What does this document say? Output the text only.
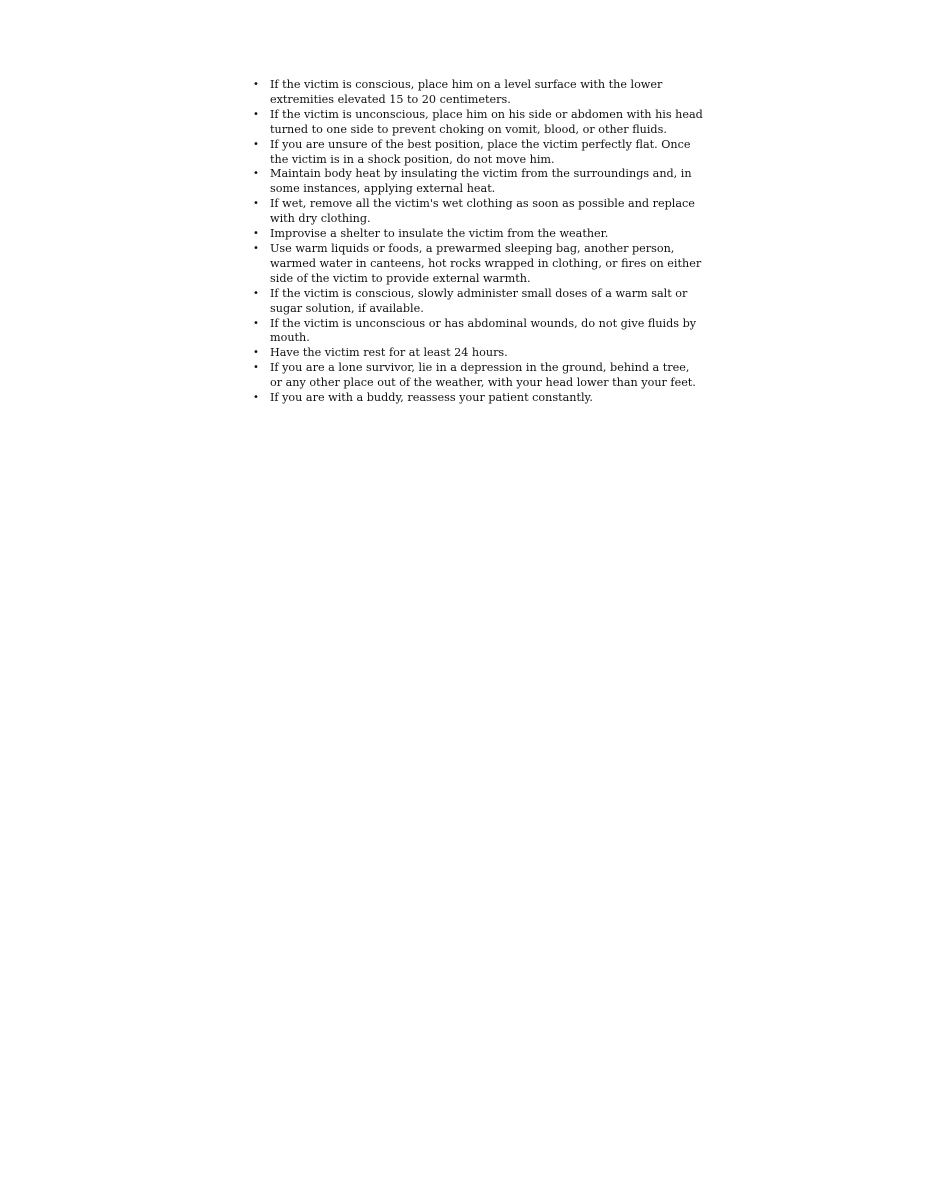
• If the victim is conscious, place him on a level surface with the lower extremities elevated 15 to 20 centimeters.
• If the victim is unconscious, place him on his side or abdomen with his head turned to one side to prevent choking on vomit, blood, or other fluids.
• If you are unsure of the best position, place the victim perfectly flat. Once the victim is in a shock position, do not move him.
• Maintain body heat by insulating the victim from the surroundings and, in some instances, applying external heat.
• If wet, remove all the victim's wet clothing as soon as possible and replace with dry clothing.
• Improvise a shelter to insulate the victim from the weather.
• Use warm liquids or foods, a prewarmed sleeping bag, another person, warmed water in canteens, hot rocks wrapped in clothing, or fires on either side of the victim to provide external warmth.
• If the victim is conscious, slowly administer small doses of a warm salt or sugar solution, if available.
• If the victim is unconscious or has abdominal wounds, do not give fluids by mouth.
• Have the victim rest for at least 24 hours.
• If you are a lone survivor, lie in a depression in the ground, behind a tree, or any other place out of the weather, with your head lower than your feet.
• If you are with a buddy, reassess your patient constantly.
